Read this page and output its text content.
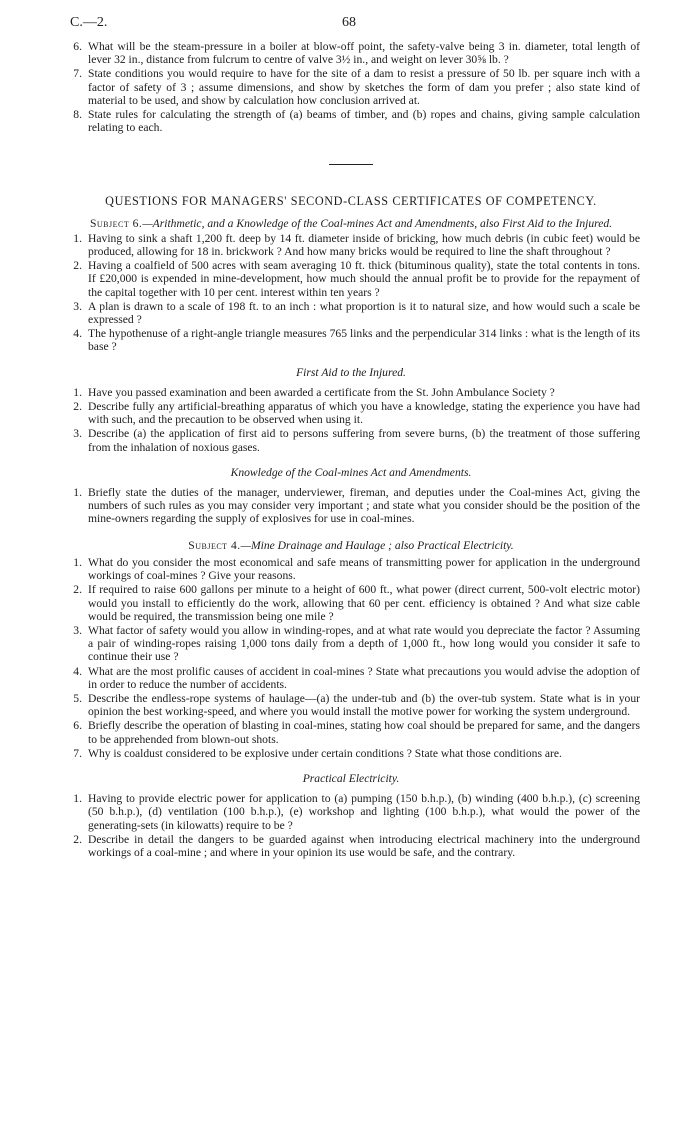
C.—2.	68
6. What will be the steam-pressure in a boiler at blow-off point, the safety-valve being 3 in. diameter, total length of lever 32 in., distance from fulcrum to centre of valve 3½ in., and weight on lever 30⅝ lb. ?
7. State conditions you would require to have for the site of a dam to resist a pressure of 50 lb. per square inch with a factor of safety of 3 ; assume dimensions, and show by sketches the form of dam you prefer ; also state kind of material to be used, and show by calculation how conclusion arrived at.
8. State rules for calculating the strength of (a) beams of timber, and (b) ropes and chains, giving sample calculation relating to each.
QUESTIONS FOR MANAGERS' SECOND-CLASS CERTIFICATES OF COMPETENCY.
Subject 6.—Arithmetic, and a Knowledge of the Coal-mines Act and Amendments, also First Aid to the Injured.
1. Having to sink a shaft 1,200 ft. deep by 14 ft. diameter inside of bricking, how much debris (in cubic feet) would be produced, allowing for 18 in. brickwork ? And how many bricks would be required to line the shaft throughout ?
2. Having a coalfield of 500 acres with seam averaging 10 ft. thick (bituminous quality), state the total contents in tons. If £20,000 is expended in mine-development, how much should the annual profit be to provide for the repayment of the capital together with 10 per cent. interest within ten years ?
3. A plan is drawn to a scale of 198 ft. to an inch : what proportion is it to natural size, and how would such a scale be expressed ?
4. The hypothenuse of a right-angle triangle measures 765 links and the perpendicular 314 links : what is the length of its base ?
First Aid to the Injured.
1. Have you passed examination and been awarded a certificate from the St. John Ambulance Society ?
2. Describe fully any artificial-breathing apparatus of which you have a knowledge, stating the experience you have had with such, and the precaution to be observed when using it.
3. Describe (a) the application of first aid to persons suffering from severe burns, (b) the treatment of those suffering from the inhalation of noxious gases.
Knowledge of the Coal-mines Act and Amendments.
1. Briefly state the duties of the manager, underviewer, fireman, and deputies under the Coal-mines Act, giving the numbers of such rules as you may consider very important ; and state what you consider should be the position of the mine-owners regarding the supply of explosives for use in coal-mines.
Subject 4.—Mine Drainage and Haulage ; also Practical Electricity.
1. What do you consider the most economical and safe means of transmitting power for application in the underground workings of coal-mines ? Give your reasons.
2. If required to raise 600 gallons per minute to a height of 600 ft., what power (direct current, 500-volt electric motor) would you install to efficiently do the work, allowing that 60 per cent. efficiency is obtained ? And what size cable would be required, the transmission being one mile ?
3. What factor of safety would you allow in winding-ropes, and at what rate would you depreciate the factor ? Assuming a pair of winding-ropes raising 1,000 tons daily from a depth of 1,000 ft., how long would you consider it safe to continue their use ?
4. What are the most prolific causes of accident in coal-mines ? State what precautions you would advise the adoption of in order to reduce the number of accidents.
5. Describe the endless-rope systems of haulage—(a) the under-tub and (b) the over-tub system. State what is in your opinion the best working-speed, and where you would install the motive power for working the system underground.
6. Briefly describe the operation of blasting in coal-mines, stating how coal should be prepared for same, and the dangers to be apprehended from blown-out shots.
7. Why is coaldust considered to be explosive under certain conditions ? State what those conditions are.
Practical Electricity.
1. Having to provide electric power for application to (a) pumping (150 b.h.p.), (b) winding (400 b.h.p.), (c) screening (50 b.h.p.), (d) ventilation (100 b.h.p.), (e) workshop and lighting (100 b.h.p.), what would the power of the generating-sets (in kilowatts) require to be ?
2. Describe in detail the dangers to be guarded against when introducing electrical machinery into the underground workings of a coal-mine ; and where in your opinion its use would be safe, and the contrary.
